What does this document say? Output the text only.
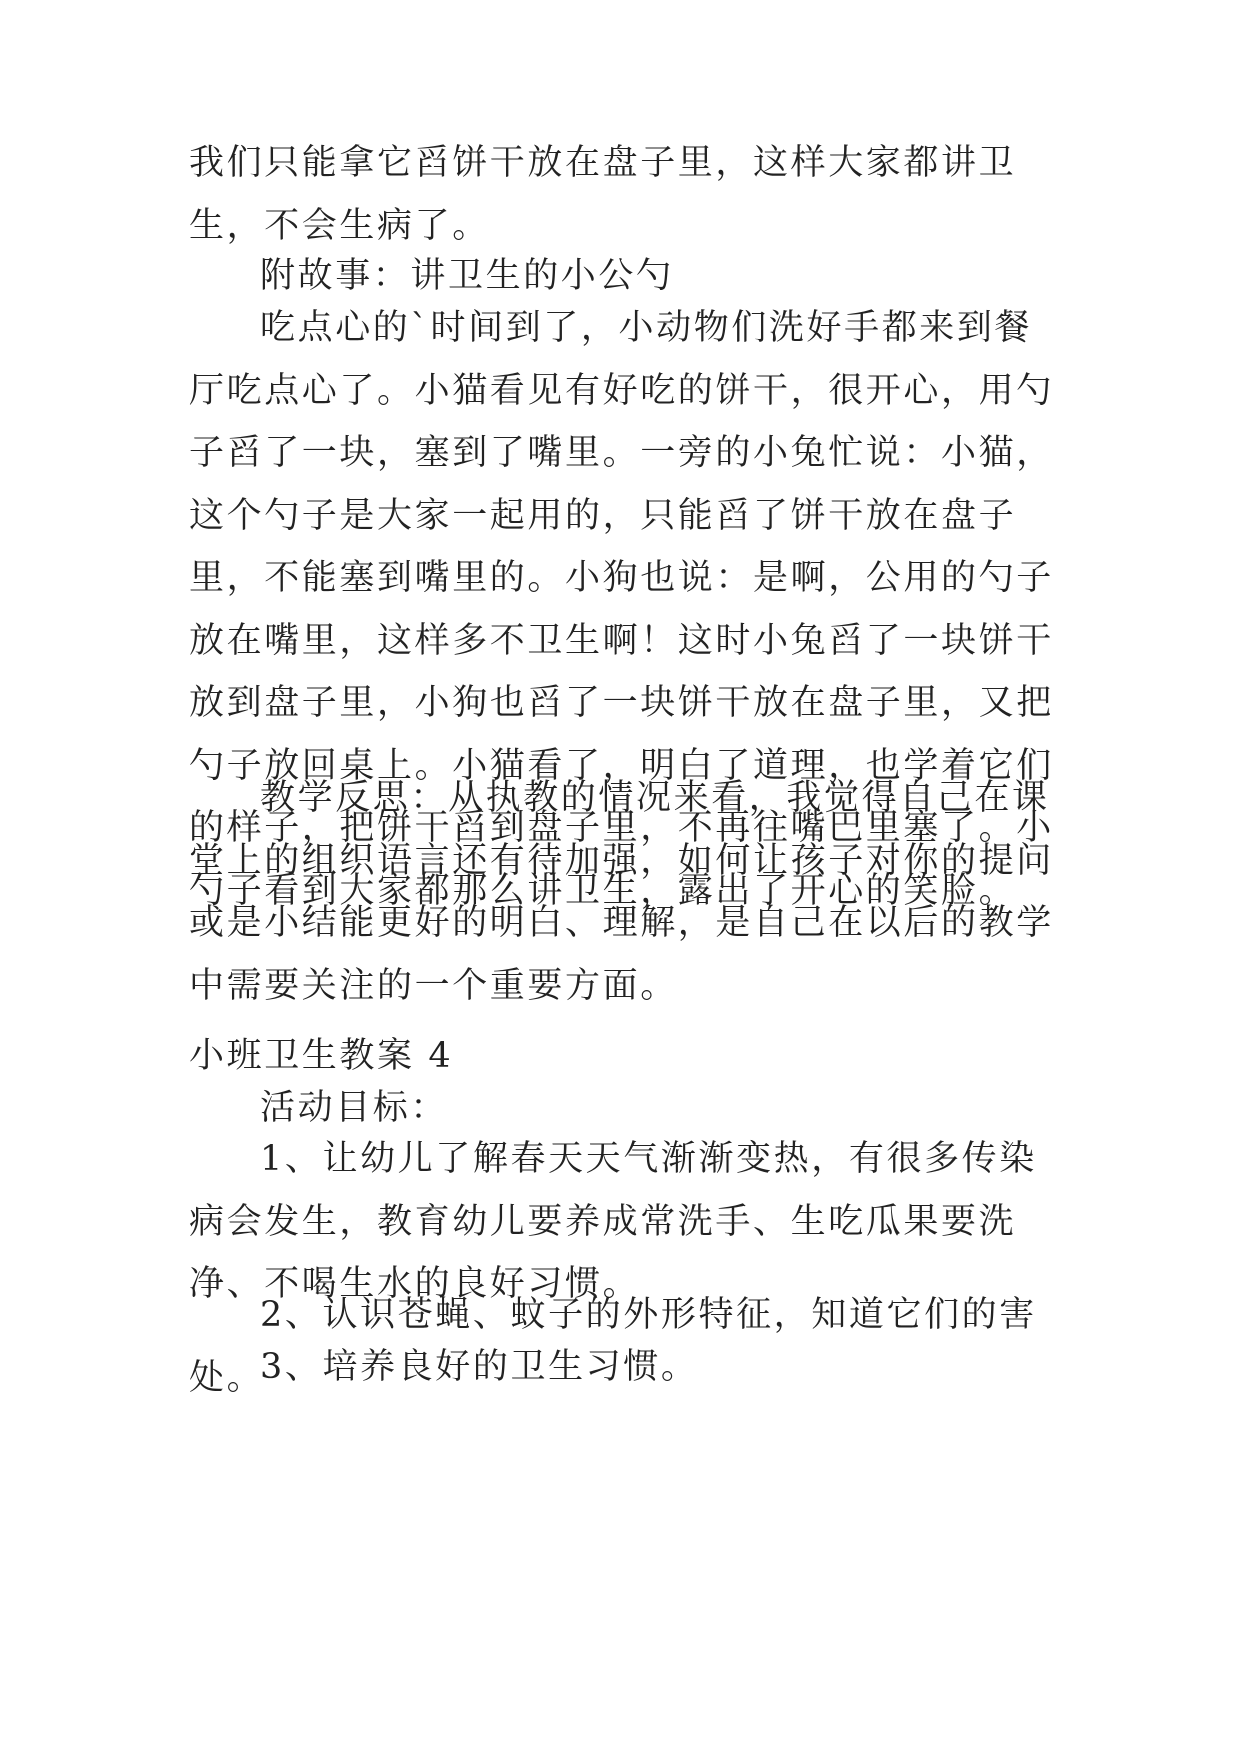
我们只能拿它舀饼干放在盘子里，这样大家都讲卫生，不会生病了。

附故事：讲卫生的小公勺

吃点心的`时间到了，小动物们洗好手都来到餐厅吃点心了。小猫看见有好吃的饼干，很开心，用勺子舀了一块，塞到了嘴里。一旁的小兔忙说：小猫，这个勺子是大家一起用的，只能舀了饼干放在盘子里，不能塞到嘴里的。小狗也说：是啊，公用的勺子放在嘴里，这样多不卫生啊！这时小兔舀了一块饼干放到盘子里，小狗也舀了一块饼干放在盘子里，又把勺子放回桌上。小猫看了，明白了道理，也学着它们的样子，把饼干舀到盘子里，不再往嘴巴里塞了。小勺子看到大家都那么讲卫生，露出了开心的笑脸。

教学反思：从执教的情况来看，我觉得自己在课堂上的组织语言还有待加强，如何让孩子对你的提问或是小结能更好的明白、理解，是自己在以后的教学中需要关注的一个重要方面。

小班卫生教案 4

活动目标：

1、让幼儿了解春天天气渐渐变热，有很多传染病会发生，教育幼儿要养成常洗手、生吃瓜果要洗净、不喝生水的良好习惯。

2、认识苍蝇、蚊子的外形特征，知道它们的害处。

3、培养良好的卫生习惯。
